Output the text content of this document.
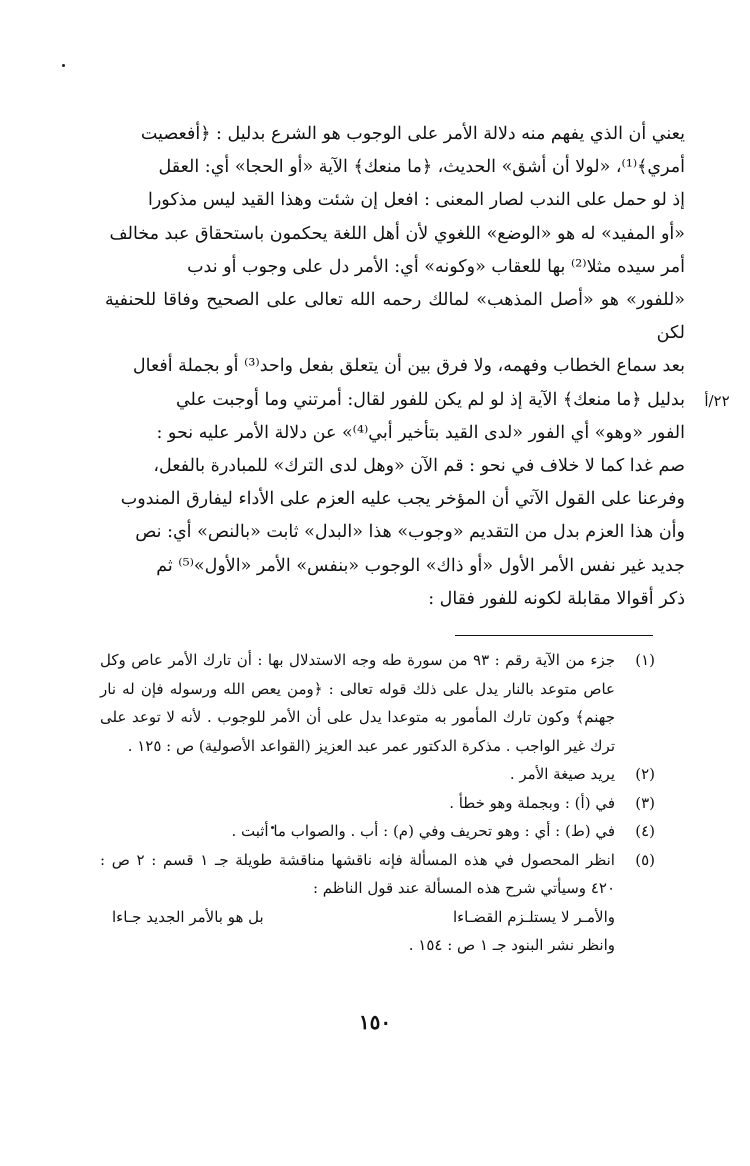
يعني أن الذي يفهم منه دلالة الأمر على الوجوب هو الشرع بدليل : ﴿أفعصيت

أمري﴾⁽¹⁾، «لولا أن أشق» الحديث، ﴿ما منعك﴾ الآية «أو الحجا» أي: العقل

إذ لو حمل على الندب لصار المعنى : افعل إن شئت وهذا القيد ليس مذكورا

«أو المفيد» له هو «الوضع» اللغوي لأن أهل اللغة يحكمون باستحقاق عبد مخالف

أمر سيده مثلا⁽²⁾ بها للعقاب «وكونه» أي: الأمر دل على وجوب أو ندب

«للفور» هو «أصل المذهب» لمالك رحمه الله تعالى على الصحيح وفاقا للحنفية لكن

بعد سماع الخطاب وفهمه، ولا فرق بين أن يتعلق بفعل واحد⁽³⁾ أو بجملة أفعال

بدليل ﴿ما منعك﴾ الآية إذ لو لم يكن للفور لقال: أمرتني وما أوجبت علي

الفور «وهو» أي الفور «لدى القيد بتأخير أبي⁽⁴⁾» عن دلالة الأمر عليه نحو :

صم غدا كما لا خلاف في نحو : قم الآن «وهل لدى الترك» للمبادرة بالفعل،

وفرعنا على القول الآتي أن المؤخر يجب عليه العزم على الأداء ليفارق المندوب

وأن هذا العزم بدل من التقديم «وجوب» هذا «البدل» ثابت «بالنص» أي: نص

جديد غير نفس الأمر الأول «أو ذاك» الوجوب «بنفس» الأمر «الأول»⁽⁵⁾ ثم

ذكر أقوالا مقابلة لكونه للفور فقال :

٢٢/أ
(١)
جزء من الآية رقم : ٩٣ من سورة طه وجه الاستدلال بها : أن تارك الأمر عاص وكل عاص متوعد بالنار يدل على ذلك قوله تعالى : ﴿ومن يعص الله ورسوله فإن له نار جهنم﴾ وكون تارك المأمور به متوعدا يدل على أن الأمر للوجوب . لأنه لا توعد على ترك غير الواجب . مذكرة الدكتور عمر عبد العزيز (القواعد الأصولية) ص : ١٢٥ .
(٢)
يريد صيغة الأمر .
(٣)
في (أ) : وبجملة وهو خطأ .
(٤)
في (ط) : أي : وهو تحريف وفي (م) : أب . والصواب ما أثبت .
(٥)
انظر المحصول في هذه المسألة فإنه ناقشها مناقشة طويلة جـ ١ قسم : ٢ ص : ٤٢٠ وسيأتي شرح هذه المسألة عند قول الناظم :
والأمـر لا يستلـزم القضـاءا
بل هو بالأمر الجديد جـاءا
وانظر نشر البنود جـ ١ ص : ١٥٤ .
١٥٠
